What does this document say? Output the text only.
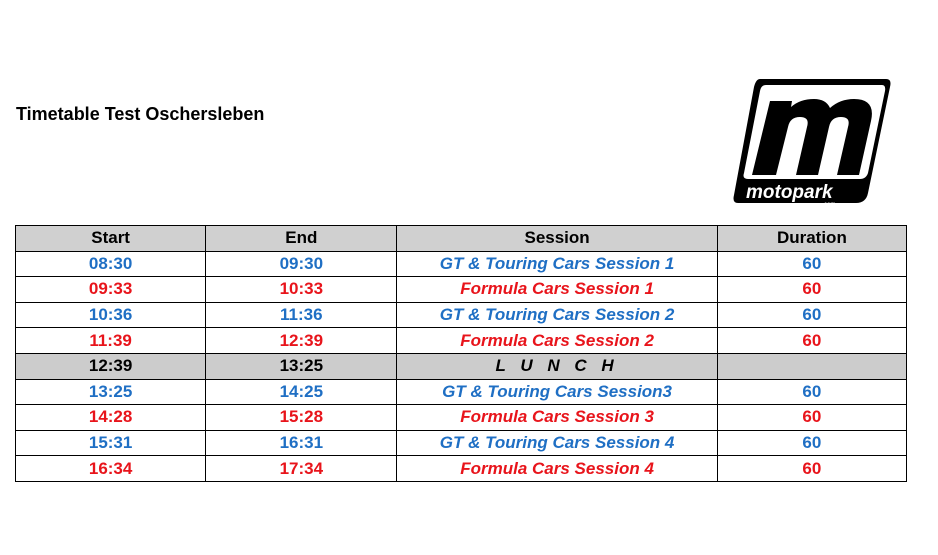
Timetable Test Oschersleben
motopark
com
Start	End	Session	Duration
08:30	09:30	GT & Touring Cars Session 1	60
09:33	10:33	Formula Cars Session 1	60
10:36	11:36	GT & Touring Cars Session 2	60
11:39	12:39	Formula Cars Session 2	60
12:39	13:25	L U N C H	
13:25	14:25	GT & Touring Cars Session3	60
14:28	15:28	Formula Cars Session 3	60
15:31	16:31	GT & Touring Cars Session 4	60
16:34	17:34	Formula Cars Session 4	60
